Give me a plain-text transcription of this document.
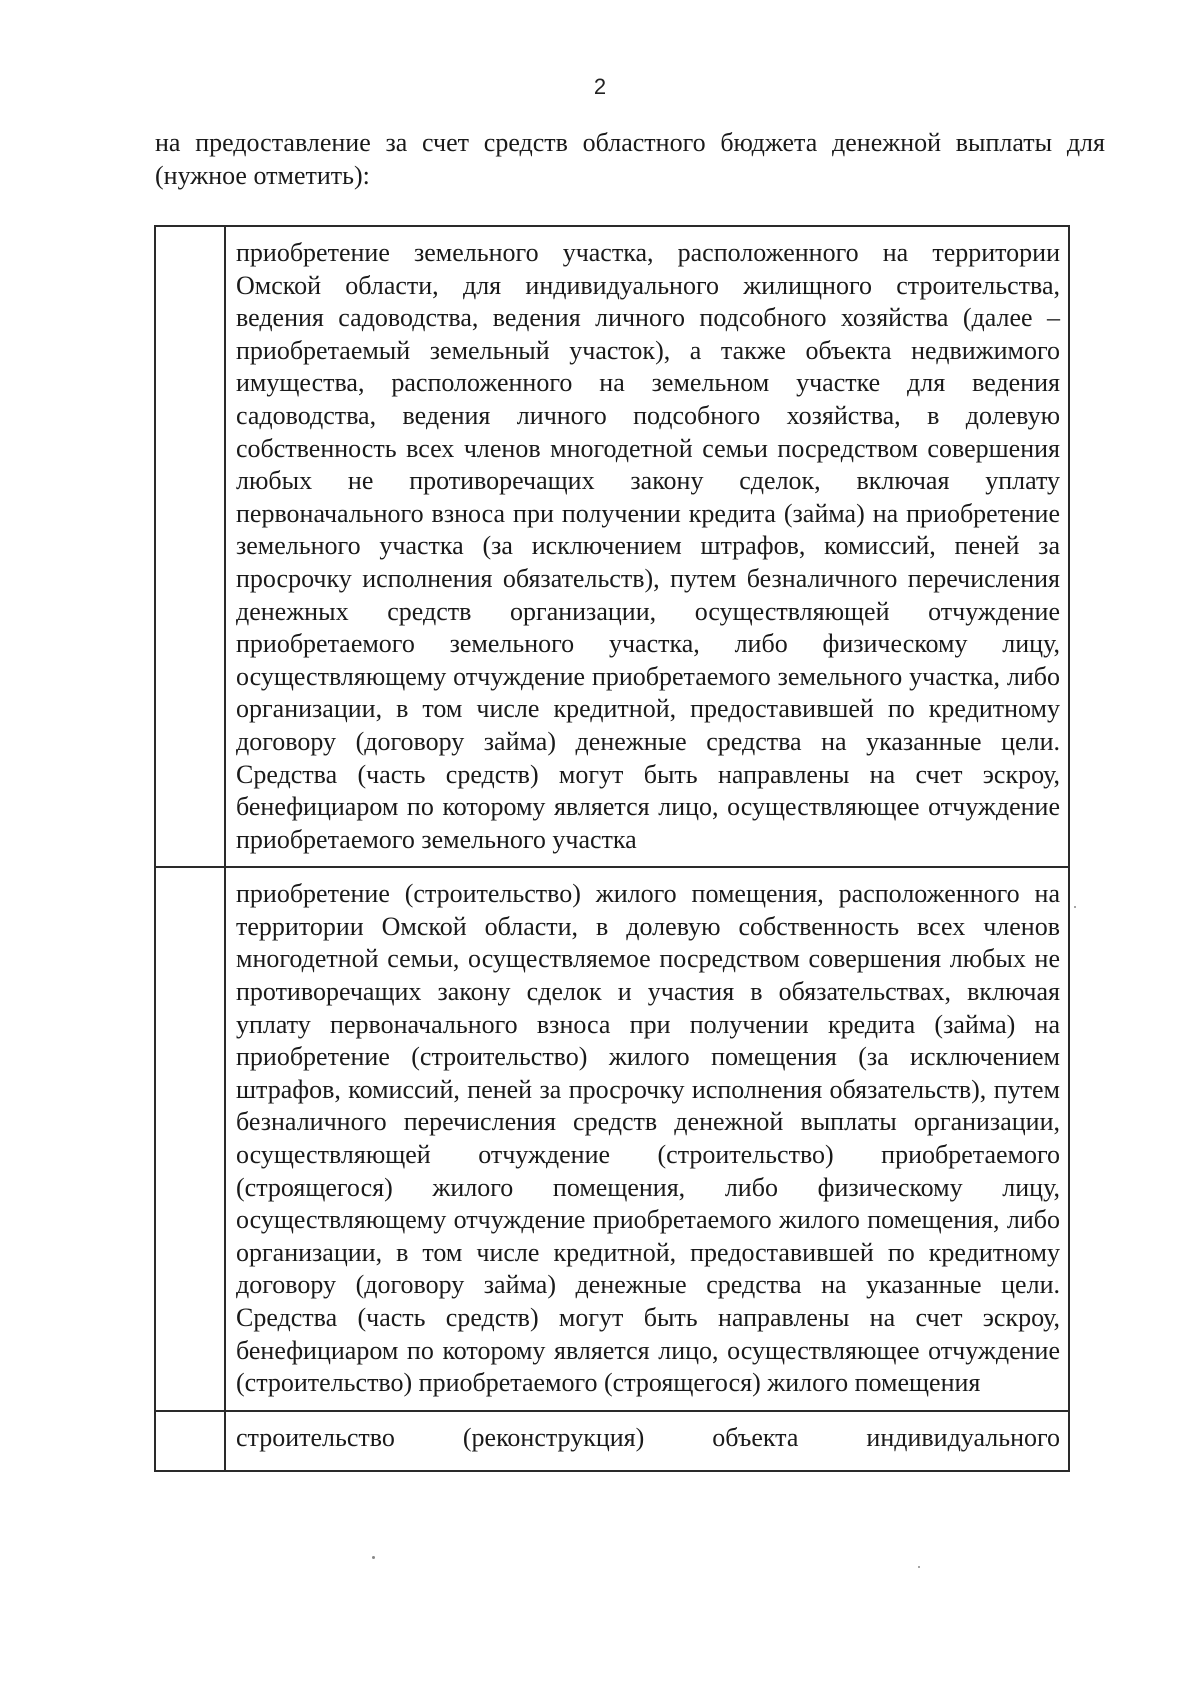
2
на предоставление за счет средств областного бюджета денежной выплаты для (нужное отметить):
	приобретение земельного участка, расположенного на территории Омской области, для индивидуального жилищного строительства, ведения садоводства, ведения личного подсобного хозяйства (далее – приобретаемый земельный участок), а также объекта недвижимого имущества, расположенного на земельном участке для ведения садоводства, ведения личного подсобного хозяйства, в долевую собственность всех членов многодетной семьи посредством совершения любых не противоречащих закону сделок, включая уплату первоначального взноса при получении кредита (займа) на приобретение земельного участка (за исключением штрафов, комиссий, пеней за просрочку исполнения обязательств), путем безналичного перечисления денежных средств организации, осуществляющей отчуждение приобретаемого земельного участка, либо физическому лицу, осуществляющему отчуждение приобретаемого земельного участка, либо организации, в том числе кредитной, предоставившей по кредитному договору (договору займа) денежные средства на указанные цели. Средства (часть средств) могут быть направлены на счет эскроу, бенефициаром по которому является лицо, осуществляющее отчуждение приобретаемого земельного участка
	приобретение (строительство) жилого помещения, расположенного на территории Омской области, в долевую собственность всех членов многодетной семьи, осуществляемое посредством совершения любых не противоречащих закону сделок и участия в обязательствах, включая уплату первоначального взноса при получении кредита (займа) на приобретение (строительство) жилого помещения (за исключением штрафов, комиссий, пеней за просрочку исполнения обязательств), путем безналичного перечисления средств денежной выплаты организации, осуществляющей отчуждение (строительство) приобретаемого (строящегося) жилого помещения, либо физическому лицу, осуществляющему отчуждение приобретаемого жилого помещения, либо организации, в том числе кредитной, предоставившей по кредитному договору (договору займа) денежные средства на указанные цели. Средства (часть средств) могут быть направлены на счет эскроу, бенефициаром по которому является лицо, осуществляющее отчуждение (строительство) приобретаемого (строящегося) жилого помещения
	строительство (реконструкция) объекта индивидуального
